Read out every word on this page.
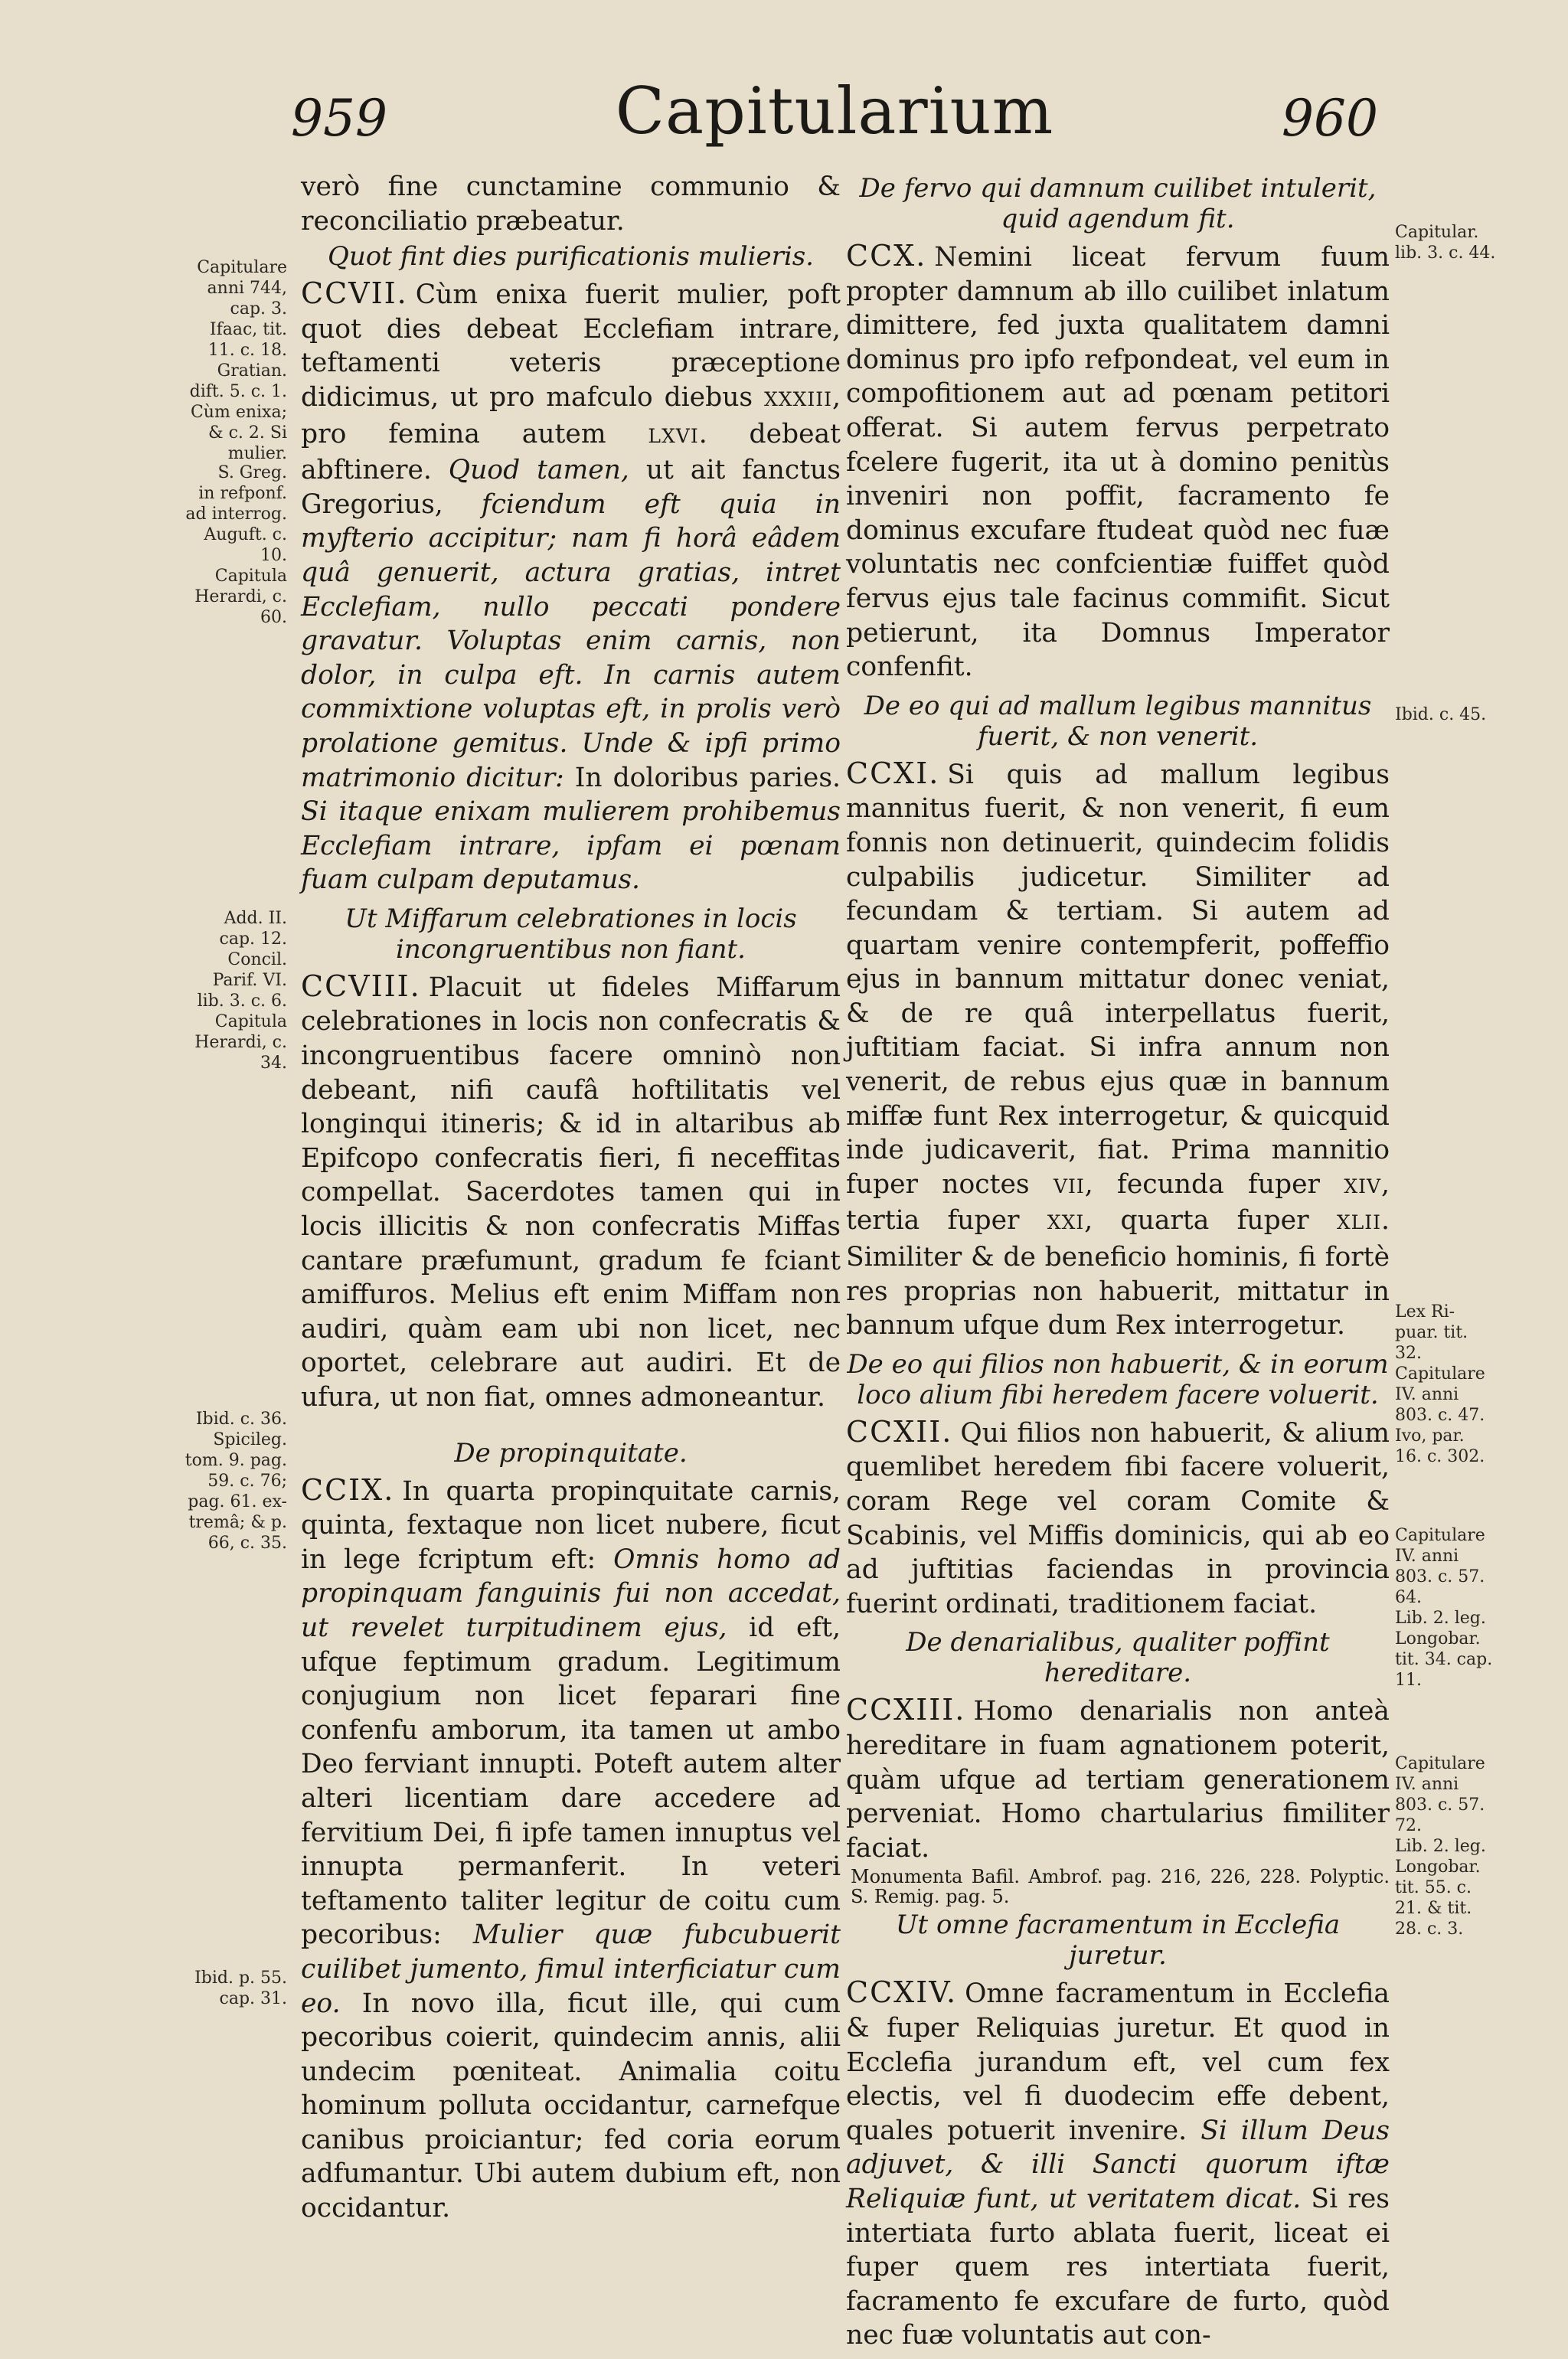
959	Capitularium	960
Capitulare
anni 744,
cap. 3.
Ifaac, tit.
11. c. 18.
Gratian.
dift. 5. c. 1.
Cùm enixa;
& c. 2. Si
mulier.
S. Greg.
in refponf.
ad interrog.
Auguft. c.
10.
Capitula
Herardi, c.
60.
Add. II.
cap. 12.
Concil.
Parif. VI.
lib. 3. c. 6.
Capitula
Herardi, c.
34.
Ibid. c. 36.
Spicileg.
tom. 9. pag.
59. c. 76;
pag. 61. ex-
tremâ; & p.
66, c. 35.
Ibid. p. 55.
cap. 31.
Capitular.
lib. 3. c. 44.
Ibid. c. 45.
Lex Ri-
puar. tit.
32.
Capitulare
IV. anni
803. c. 47.
Ivo, par.
16. c. 302.
Capitulare
IV. anni
803. c. 57.
64.
Lib. 2. leg.
Longobar.
tit. 34. cap.
11.
Capitulare
IV. anni
803. c. 57.
72.
Lib. 2. leg.
Longobar.
tit. 55. c.
21. & tit.
28. c. 3.

verò fine cunctamine communio & reconciliatio præbeatur.

Quot fint dies purificationis mulieris.

CCVII. Cùm enixa fuerit mulier, poft quot dies debeat Ecclefiam intrare, teftamenti veteris præceptione didicimus, ut pro mafculo diebus XXXIII, pro femina autem LXVI. debeat abftinere. Quod tamen, ut ait fanctus Gregorius, fciendum eft quia in myfterio accipitur; nam fi horâ eâdem quâ genuerit, actura gratias, intret Ecclefiam, nullo peccati pondere gravatur. Voluptas enim carnis, non dolor, in culpa eft. In carnis autem commixtione voluptas eft, in prolis verò prolatione gemitus. Unde & ipfi primo matrimonio dicitur: In doloribus paries. Si itaque enixam mulierem prohibemus Ecclefiam intrare, ipfam ei pœnam fuam culpam deputamus.

Ut Miffarum celebrationes in locis incongruentibus non fiant.

CCVIII. Placuit ut fideles Miffarum celebrationes in locis non confecratis & incongruentibus facere omninò non debeant, nifi caufâ hoftilitatis vel longinqui itineris; & id in altaribus ab Epifcopo confecratis fieri, fi neceffitas compellat. Sacerdotes tamen qui in locis illicitis & non confecratis Miffas cantare præfumunt, gradum fe fciant amiffuros. Melius eft enim Miffam non audiri, quàm eam ubi non licet, nec oportet, celebrare aut audiri. Et de ufura, ut non fiat, omnes admoneantur.

De propinquitate.

CCIX. In quarta propinquitate carnis, quinta, fextaque non licet nubere, ficut in lege fcriptum eft: Omnis homo ad propinquam fanguinis fui non accedat, ut revelet turpitudinem ejus, id eft, ufque feptimum gradum. Legitimum conjugium non licet feparari fine confenfu amborum, ita tamen ut ambo Deo ferviant innupti. Poteft autem alter alteri licentiam dare accedere ad fervitium Dei, fi ipfe tamen innuptus vel innupta permanferit. In veteri teftamento taliter legitur de coitu cum pecoribus: Mulier quæ fubcubuerit cuilibet jumento, fimul interficiatur cum eo. In novo illa, ficut ille, qui cum pecoribus coierit, quindecim annis, alii undecim pœniteat. Animalia coitu hominum polluta occidantur, carnefque canibus proiciantur; fed coria eorum adfumantur. Ubi autem dubium eft, non occidantur.

De fervo qui damnum cuilibet intulerit, quid agendum fit.

CCX. Nemini liceat fervum fuum propter damnum ab illo cuilibet inlatum dimittere, fed juxta qualitatem damni dominus pro ipfo refpondeat, vel eum in compofitionem aut ad pœnam petitori offerat. Si autem fervus perpetrato fcelere fugerit, ita ut à domino penitùs inveniri non poffit, facramento fe dominus excufare ftudeat quòd nec fuæ voluntatis nec confcientiæ fuiffet quòd fervus ejus tale facinus commifit. Sicut petierunt, ita Domnus Imperator confenfit.

De eo qui ad mallum legibus mannitus fuerit, & non venerit.

CCXI. Si quis ad mallum legibus mannitus fuerit, & non venerit, fi eum fonnis non detinuerit, quindecim folidis culpabilis judicetur. Similiter ad fecundam & tertiam. Si autem ad quartam venire contempferit, poffeffio ejus in bannum mittatur donec veniat, & de re quâ interpellatus fuerit, juftitiam faciat. Si infra annum non venerit, de rebus ejus quæ in bannum miffæ funt Rex interrogetur, & quicquid inde judicaverit, fiat. Prima mannitio fuper noctes VII, fecunda fuper XIV, tertia fuper XXI, quarta fuper XLII. Similiter & de beneficio hominis, fi fortè res proprias non habuerit, mittatur in bannum ufque dum Rex interrogetur.

De eo qui filios non habuerit, & in eorum loco alium fibi heredem facere voluerit.

CCXII. Qui filios non habuerit, & alium quemlibet heredem fibi facere voluerit, coram Rege vel coram Comite & Scabinis, vel Miffis dominicis, qui ab eo ad juftitias faciendas in provincia fuerint ordinati, traditionem faciat.

De denarialibus, qualiter poffint hereditare.

CCXIII. Homo denarialis non anteà hereditare in fuam agnationem poterit, quàm ufque ad tertiam generationem perveniat. Homo chartularius fimiliter faciat.

Monumenta Bafil. Ambrof. pag. 216, 226, 228. Polyptic. S. Remig. pag. 5.
Ut omne facramentum in Ecclefia juretur.

CCXIV. Omne facramentum in Ecclefia & fuper Reliquias juretur. Et quod in Ecclefia jurandum eft, vel cum fex electis, vel fi duodecim effe debent, quales potuerit invenire. Si illum Deus adjuvet, & illi Sancti quorum iftæ Reliquiæ funt, ut veritatem dicat. Si res intertiata furto ablata fuerit, liceat ei fuper quem res intertiata fuerit, facramento fe excufare de furto, quòd nec fuæ voluntatis aut con-
